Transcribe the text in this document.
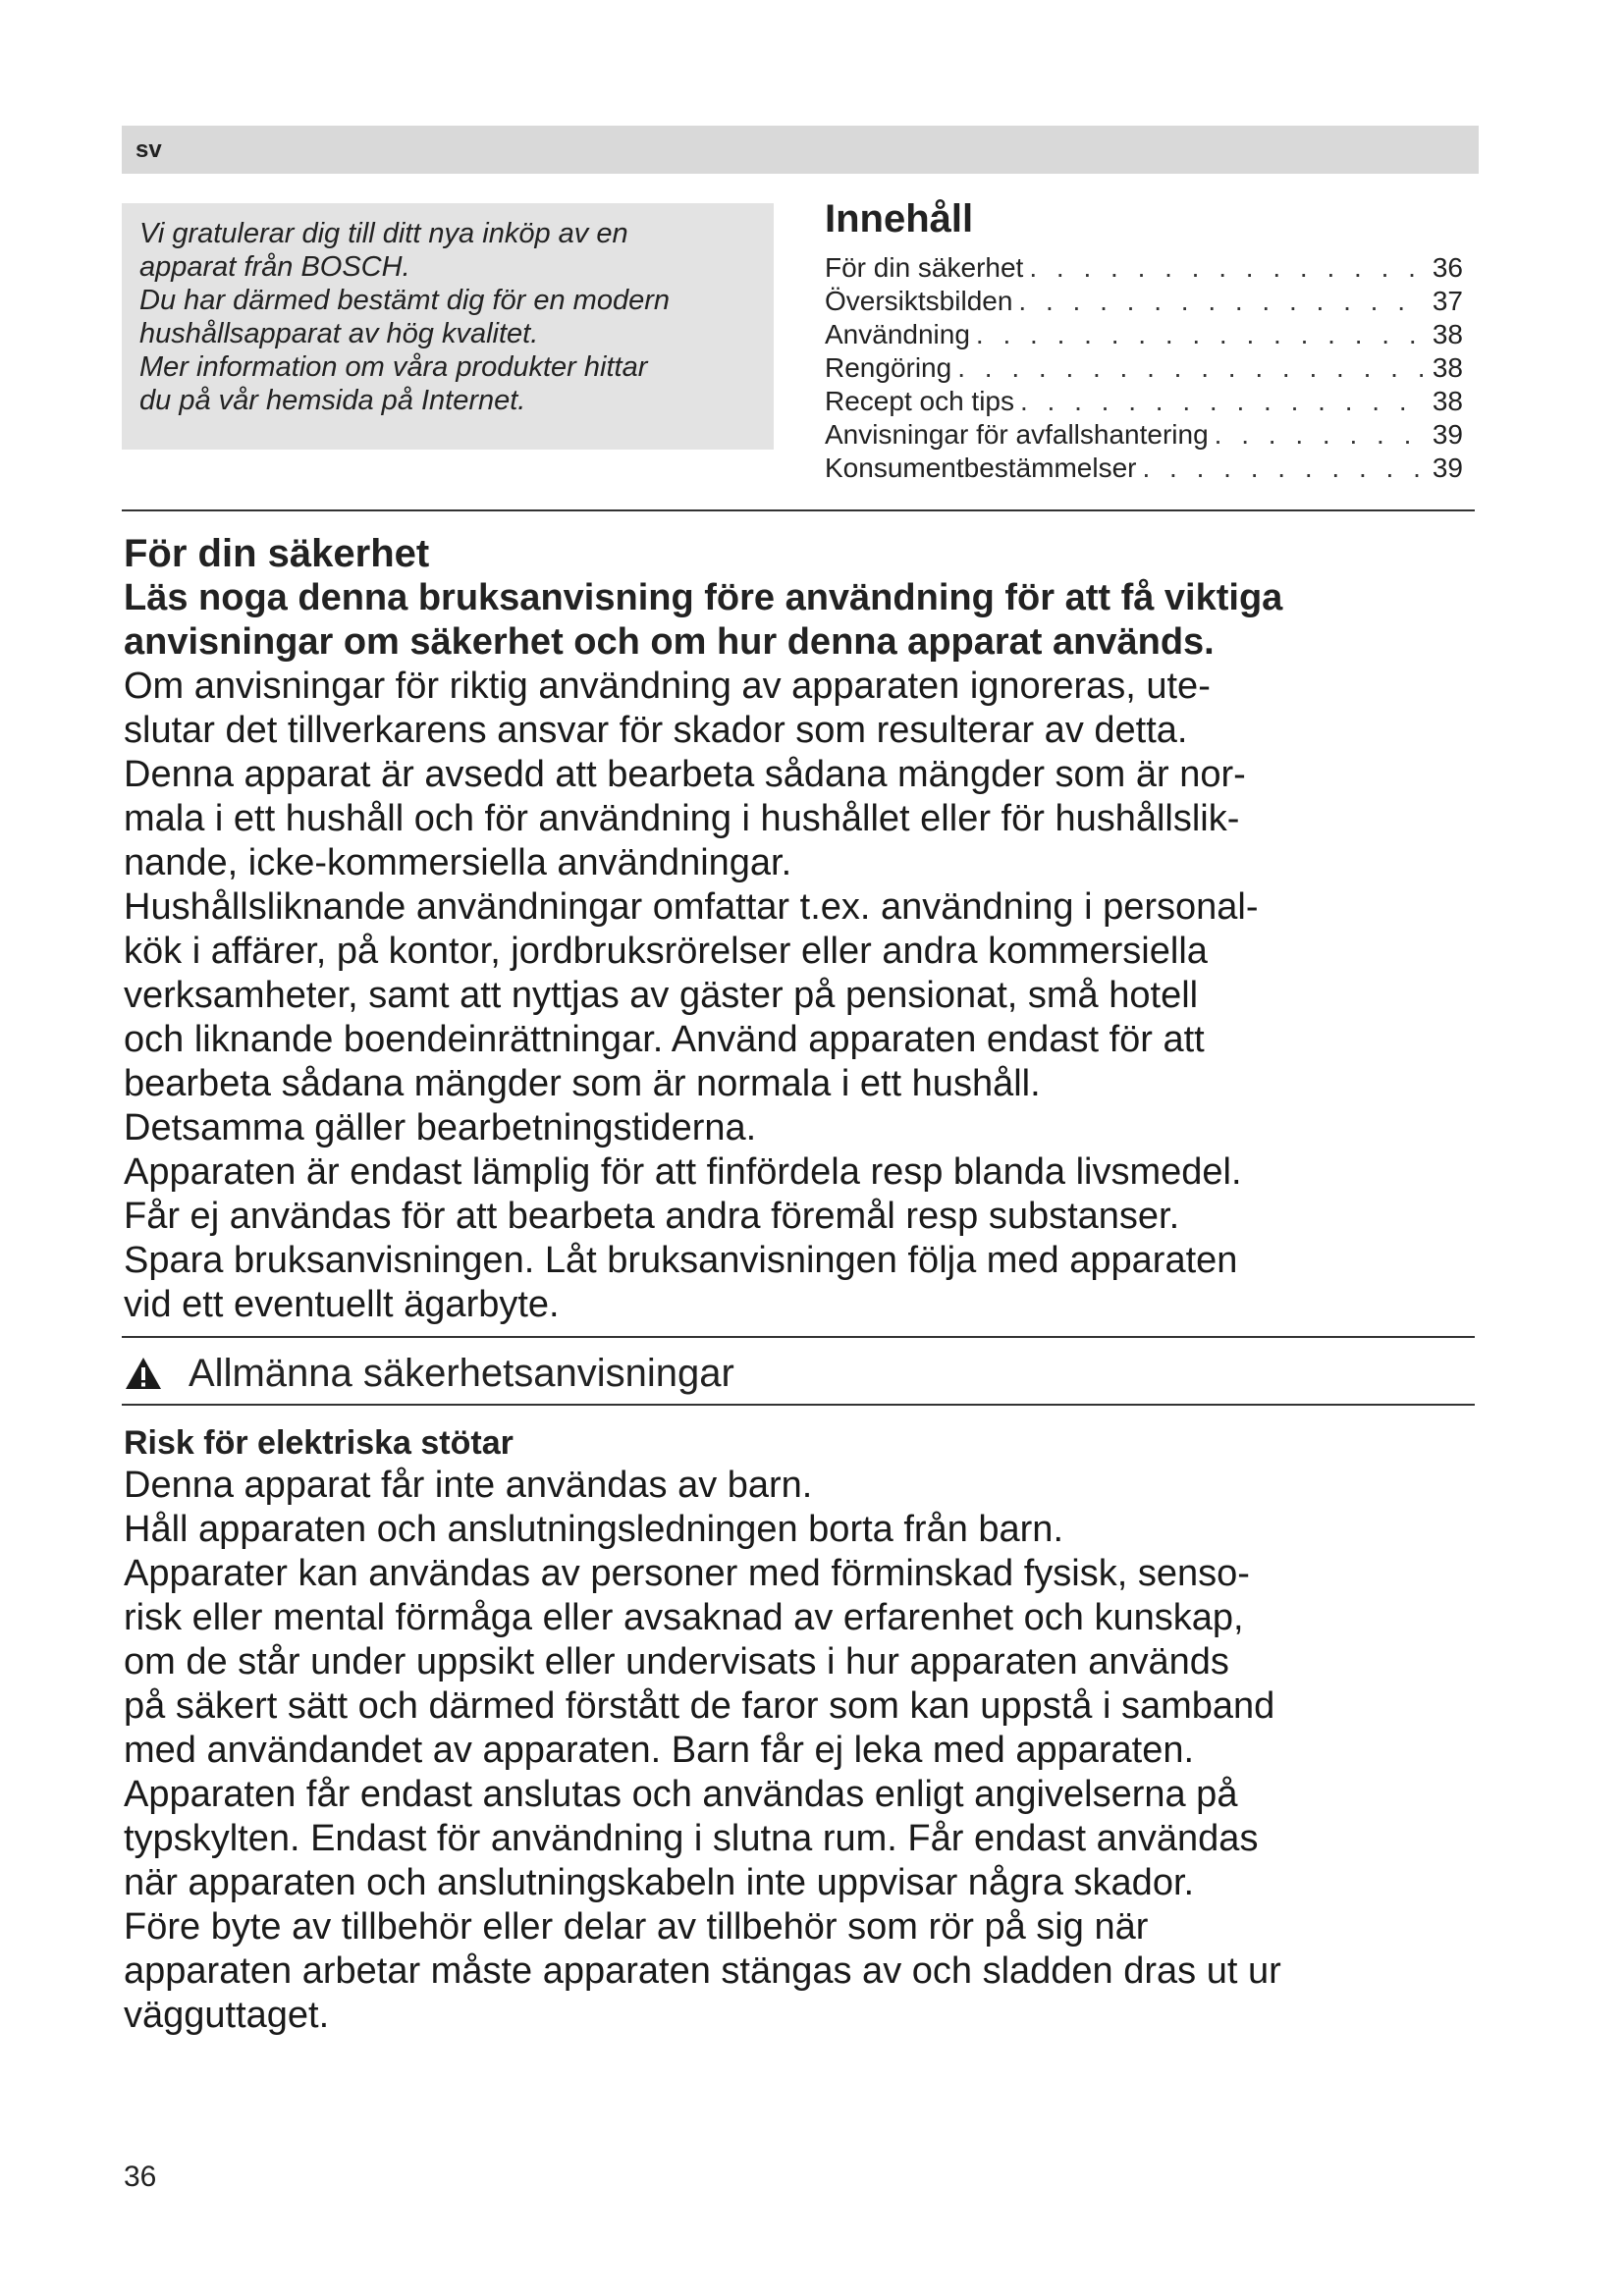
sv

Vi gratulerar dig till ditt nya inköp av en

apparat från BOSCH.

Du har därmed bestämt dig för en modern

hushållsapparat av hög kvalitet.

Mer information om våra produkter hittar

du på vår hemsida på Internet.

Innehåll
För din säkerhet . . .	36
Översiktsbilden . . .	37
Användning . . .	38
Rengöring . . .	38
Recept och tips . . .	38
Anvisningar för avfallshantering . . .	39
Konsumentbestämmelser . . .	39
För din säkerhet

Läs noga denna bruksanvisning före användning för att få viktiga

anvisningar om säkerhet och om hur denna apparat används.

Om anvisningar för riktig användning av apparaten ignoreras, ute-

slutar det tillverkarens ansvar för skador som resulterar av detta.

Denna apparat är avsedd att bearbeta sådana mängder som är nor-

mala i ett hushåll och för användning i hushållet eller för hushållslik-

nande, icke-kommersiella användningar.

Hushållsliknande användningar omfattar t.ex. användning i personal-

kök i affärer, på kontor, jordbruksrörelser eller andra kommersiella

verksamheter, samt att nyttjas av gäster på pensionat, små hotell

och liknande boendeinrättningar. Använd apparaten endast för att

bearbeta sådana mängder som är normala i ett hushåll.

Detsamma gäller bearbetningstiderna.

Apparaten är endast lämplig för att finfördela resp blanda livsmedel.

Får ej användas för att bearbeta andra föremål resp substanser.

Spara bruksanvisningen. Låt bruksanvisningen följa med apparaten

vid ett eventuellt ägarbyte.

Allmänna säkerhetsanvisningar
Risk för elektriska stötar

Denna apparat får inte användas av barn.

Håll apparaten och anslutningsledningen borta från barn.

Apparater kan användas av personer med förminskad fysisk, senso-

risk eller mental förmåga eller avsaknad av erfarenhet och kunskap,

om de står under uppsikt eller undervisats i hur apparaten används

på säkert sätt och därmed förstått de faror som kan uppstå i samband

med användandet av apparaten. Barn får ej leka med apparaten.

Apparaten får endast anslutas och användas enligt angivelserna på

typskylten. Endast för användning i slutna rum. Får endast användas

när apparaten och anslutningskabeln inte uppvisar några skador.

Före byte av tillbehör eller delar av tillbehör som rör på sig när

apparaten arbetar måste apparaten stängas av och sladden dras ut ur

vägguttaget.

36
